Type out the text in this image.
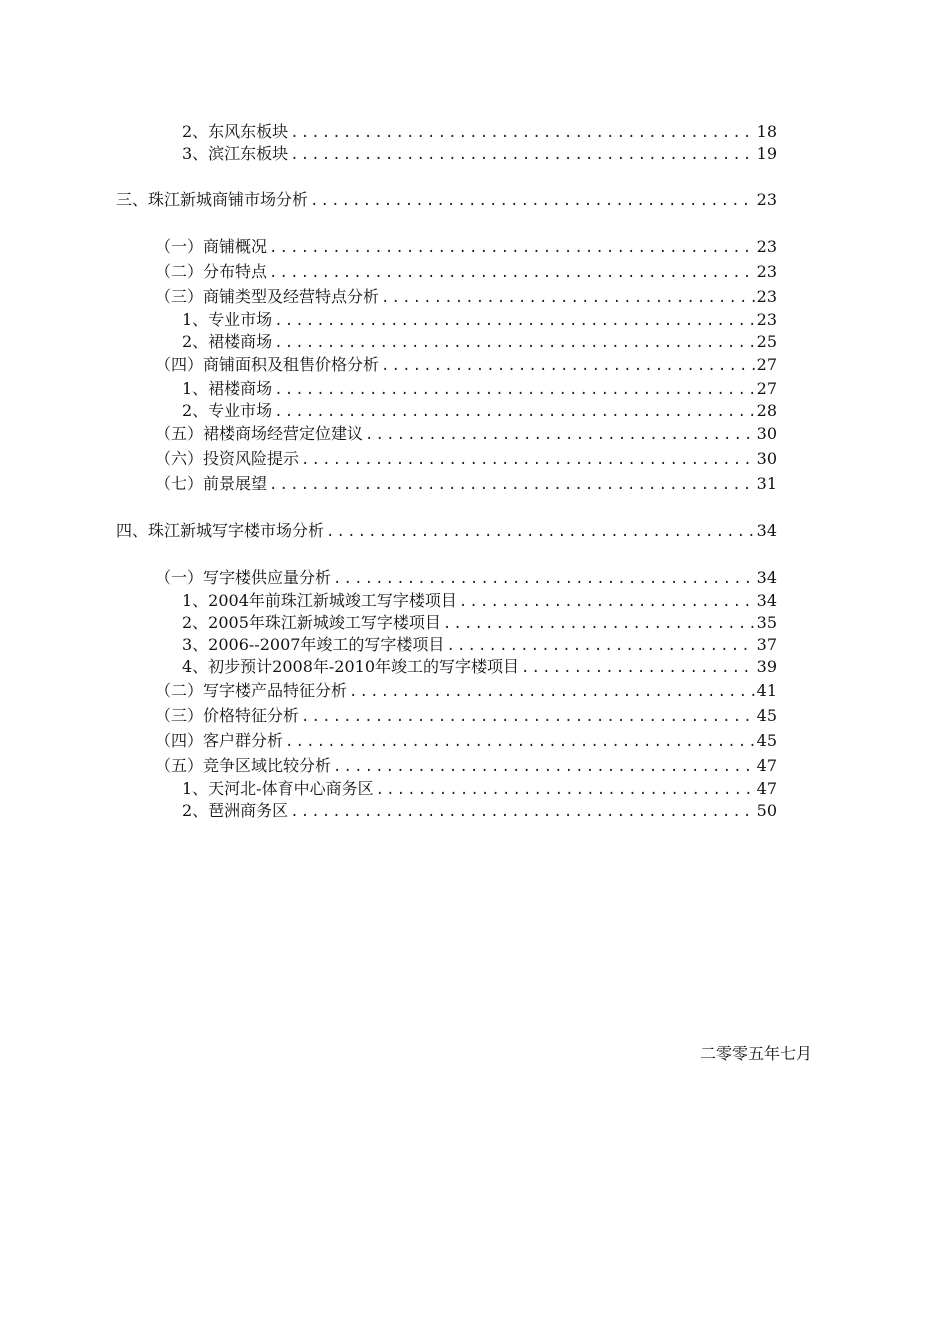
2、东风东板块 .....	18
3、滨江东板块 .....	19
三、珠江新城商铺市场分析 .....	23
（一）商铺概况 .....	23
（二）分布特点 .....	23
（三）商铺类型及经营特点分析 .....	23
1、专业市场 .....	23
2、裙楼商场 .....	25
（四）商铺面积及租售价格分析 .....	27
1、裙楼商场 .....	27
2、专业市场 .....	28
（五）裙楼商场经营定位建议 .....	30
（六）投资风险提示 .....	30
（七）前景展望 .....	31
四、珠江新城写字楼市场分析 .....	34
（一）写字楼供应量分析 .....	34
1、2004年前珠江新城竣工写字楼项目 .....	34
2、2005年珠江新城竣工写字楼项目 .....	35
3、2006--2007年竣工的写字楼项目 .....	37
4、初步预计2008年-2010年竣工的写字楼项目 .....	39
（二）写字楼产品特征分析 .....	41
（三）价格特征分析 .....	45
（四）客户群分析 .....	45
（五）竞争区域比较分析 .....	47
1、天河北-体育中心商务区 .....	47
2、琶洲商务区 .....	50
二零零五年七月
